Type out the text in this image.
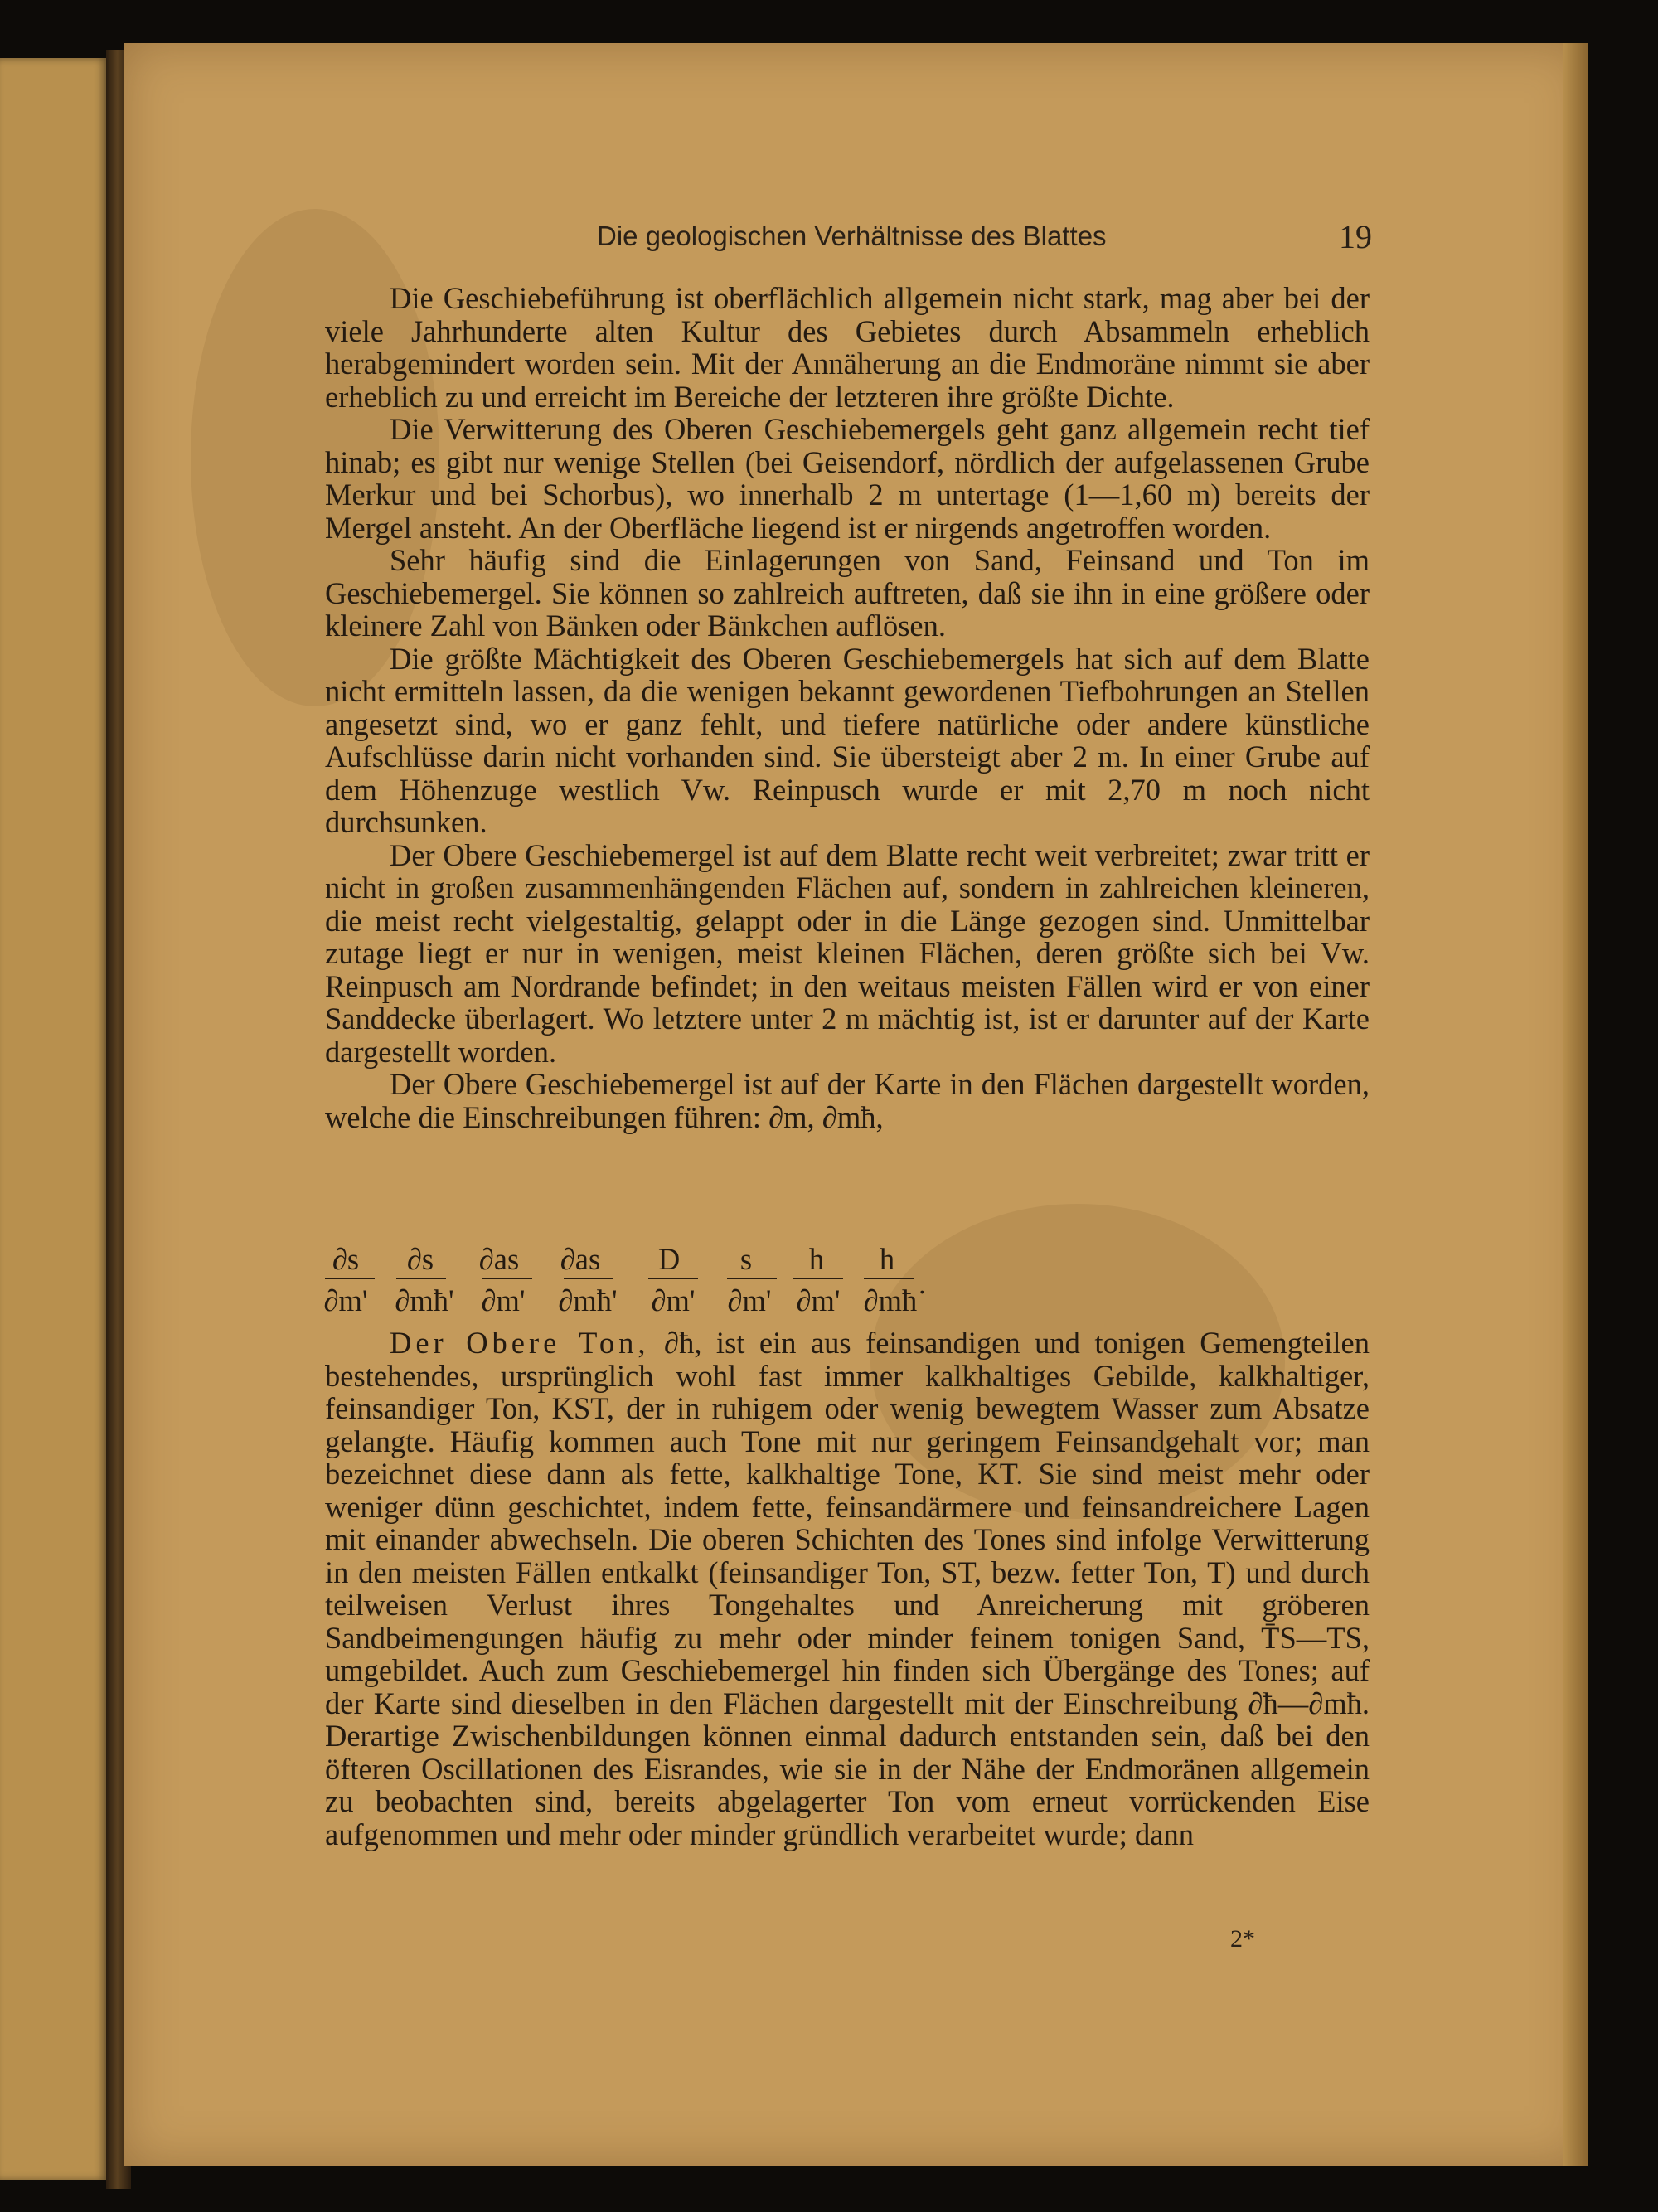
Die geologischen Verhältnisse des Blattes	19

Die Geschiebeführung ist oberflächlich allgemein nicht stark, mag aber bei der viele Jahrhunderte alten Kultur des Gebietes durch Absammeln erheblich herabgemindert worden sein. Mit der Annäherung an die Endmoräne nimmt sie aber erheblich zu und erreicht im Bereiche der letzteren ihre größte Dichte.

Die Verwitterung des Oberen Geschiebemergels geht ganz allgemein recht tief hinab; es gibt nur wenige Stellen (bei Geisendorf, nördlich der aufgelassenen Grube Merkur und bei Schorbus), wo innerhalb 2 m untertage (1—1,60 m) bereits der Mergel ansteht. An der Oberfläche liegend ist er nirgends angetroffen worden.

Sehr häufig sind die Einlagerungen von Sand, Feinsand und Ton im Geschiebemergel. Sie können so zahlreich auftreten, daß sie ihn in eine größere oder kleinere Zahl von Bänken oder Bänkchen auflösen.

Die größte Mächtigkeit des Oberen Geschiebemergels hat sich auf dem Blatte nicht ermitteln lassen, da die wenigen bekannt gewordenen Tiefbohrungen an Stellen angesetzt sind, wo er ganz fehlt, und tiefere natürliche oder andere künstliche Aufschlüsse darin nicht vorhanden sind. Sie übersteigt aber 2 m. In einer Grube auf dem Höhenzuge westlich Vw. Reinpusch wurde er mit 2,70 m noch nicht durchsunken.

Der Obere Geschiebemergel ist auf dem Blatte recht weit verbreitet; zwar tritt er nicht in großen zusammenhängenden Flächen auf, sondern in zahlreichen kleineren, die meist recht vielgestaltig, gelappt oder in die Länge gezogen sind. Unmittelbar zutage liegt er nur in wenigen, meist kleinen Flächen, deren größte sich bei Vw. Reinpusch am Nordrande befindet; in den weitaus meisten Fällen wird er von einer Sanddecke überlagert. Wo letztere unter 2 m mächtig ist, ist er darunter auf der Karte dargestellt worden.

Der Obere Geschiebemergel ist auf der Karte in den Flächen dargestellt worden, welche die Einschreibungen führen: ∂m, ∂mħ,

∂s	∂s	∂as	∂as	D	s	h	h
∂m' ∂mħ' ∂m'	∂mħ'	∂m'	∂m' ∂m' ∂mħ˙

Der Obere Ton, ∂ħ, ist ein aus feinsandigen und tonigen Gemengteilen bestehendes, ursprünglich wohl fast immer kalkhaltiges Gebilde, kalkhaltiger, feinsandiger Ton, KST, der in ruhigem oder wenig bewegtem Wasser zum Absatze gelangte. Häufig kommen auch Tone mit nur geringem Feinsandgehalt vor; man bezeichnet diese dann als fette, kalkhaltige Tone, KT. Sie sind meist mehr oder weniger dünn geschichtet, indem fette, feinsandärmere und feinsandreichere Lagen mit einander abwechseln. Die oberen Schichten des Tones sind infolge Verwitterung in den meisten Fällen entkalkt (feinsandiger Ton, ST, bezw. fetter Ton, T) und durch teilweisen Verlust ihres Tongehaltes und Anreicherung mit gröberen Sandbeimengungen häufig zu mehr oder minder feinem tonigen Sand, T̄S—TS, umgebildet. Auch zum Geschiebemergel hin finden sich Übergänge des Tones; auf der Karte sind dieselben in den Flächen dargestellt mit der Einschreibung ∂ħ—∂mħ. Derartige Zwischenbildungen können einmal dadurch entstanden sein, daß bei den öfteren Oscillationen des Eisrandes, wie sie in der Nähe der Endmoränen allgemein zu beobachten sind, bereits abgelagerter Ton vom erneut vorrückenden Eise aufgenommen und mehr oder minder gründlich verarbeitet wurde; dann

2*
